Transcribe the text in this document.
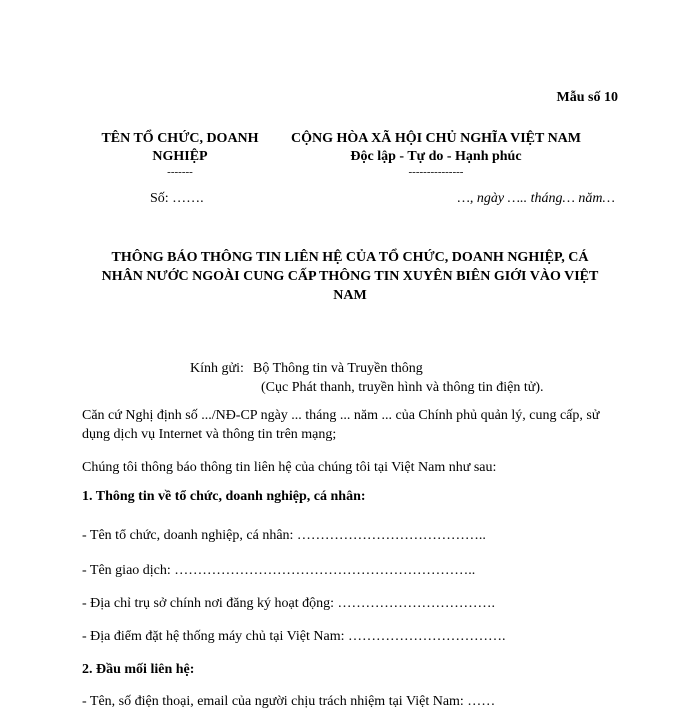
Mẫu số 10
TÊN TỔ CHỨC, DOANH NGHIỆP
-------
Số: …….
CỘNG HÒA XÃ HỘI CHỦ NGHĨA VIỆT NAM
Độc lập - Tự do - Hạnh phúc
---------------
…, ngày ….. tháng… năm…
THÔNG BÁO THÔNG TIN LIÊN HỆ CỦA TỔ CHỨC, DOANH NGHIỆP, CÁ NHÂN NƯỚC NGOÀI CUNG CẤP THÔNG TIN XUYÊN BIÊN GIỚI VÀO VIỆT NAM
Kính gửi: Bộ Thông tin và Truyền thông
(Cục Phát thanh, truyền hình và thông tin điện tử).
Căn cứ Nghị định số .../NĐ-CP ngày ... tháng ... năm ... của Chính phủ quản lý, cung cấp, sử dụng dịch vụ Internet và thông tin trên mạng;
Chúng tôi thông báo thông tin liên hệ của chúng tôi tại Việt Nam như sau:
1. Thông tin về tổ chức, doanh nghiệp, cá nhân:
- Tên tổ chức, doanh nghiệp, cá nhân: …………………………………..
- Tên giao dịch: ………………………………………………………..
- Địa chỉ trụ sở chính nơi đăng ký hoạt động: …………………………….
- Địa điểm đặt hệ thống máy chủ tại Việt Nam: …………………………….
2. Đầu mối liên hệ:
- Tên, số điện thoại, email của người chịu trách nhiệm tại Việt Nam: ……
